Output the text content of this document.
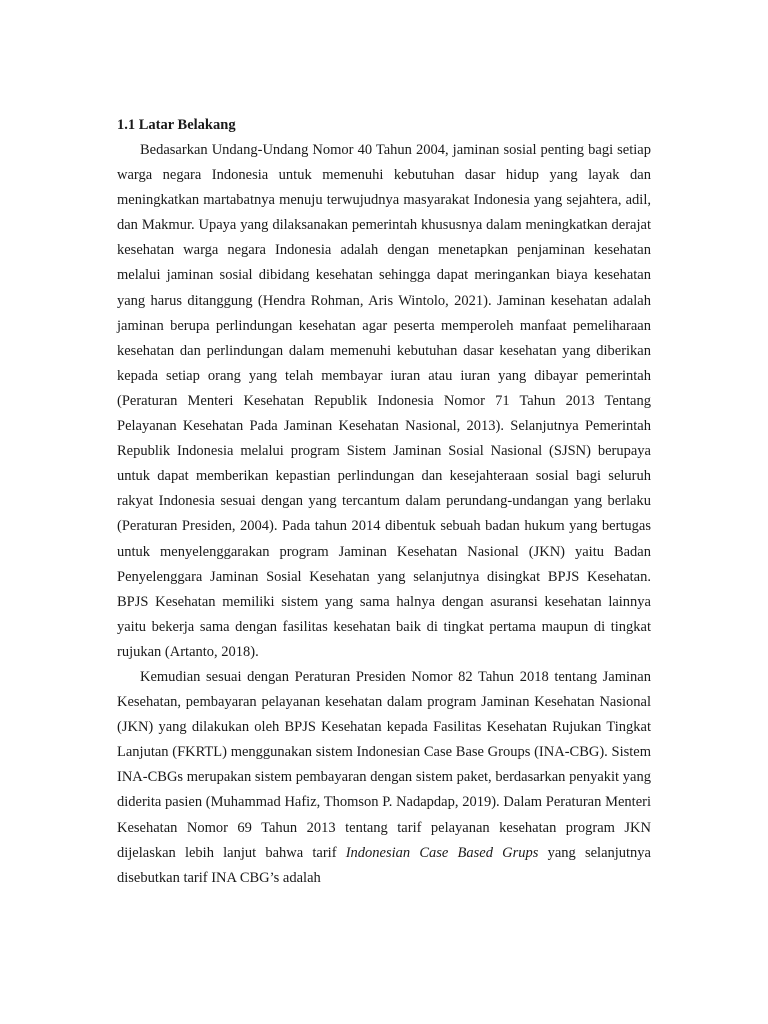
1.1 Latar Belakang

Bedasarkan Undang-Undang Nomor 40 Tahun 2004, jaminan sosial penting bagi setiap warga negara Indonesia untuk memenuhi kebutuhan dasar hidup yang layak dan meningkatkan martabatnya menuju terwujudnya masyarakat Indonesia yang sejahtera, adil, dan Makmur. Upaya yang dilaksanakan pemerintah khususnya dalam meningkatkan derajat kesehatan warga negara Indonesia adalah dengan menetapkan penjaminan kesehatan melalui jaminan sosial dibidang kesehatan sehingga dapat meringankan biaya kesehatan yang harus ditanggung (Hendra Rohman, Aris Wintolo, 2021). Jaminan kesehatan adalah jaminan berupa perlindungan kesehatan agar peserta memperoleh manfaat pemeliharaan kesehatan dan perlindungan dalam memenuhi kebutuhan dasar kesehatan yang diberikan kepada setiap orang yang telah membayar iuran atau iuran yang dibayar pemerintah (Peraturan Menteri Kesehatan Republik Indonesia Nomor 71 Tahun 2013 Tentang Pelayanan Kesehatan Pada Jaminan Kesehatan Nasional, 2013). Selanjutnya Pemerintah Republik Indonesia melalui program Sistem Jaminan Sosial Nasional (SJSN) berupaya untuk dapat memberikan kepastian perlindungan dan kesejahteraan sosial bagi seluruh rakyat Indonesia sesuai dengan yang tercantum dalam perundang-undangan yang berlaku (Peraturan Presiden, 2004). Pada tahun 2014 dibentuk sebuah badan hukum yang bertugas untuk menyelenggarakan program Jaminan Kesehatan Nasional (JKN) yaitu Badan Penyelenggara Jaminan Sosial Kesehatan yang selanjutnya disingkat BPJS Kesehatan. BPJS Kesehatan memiliki sistem yang sama halnya dengan asuransi kesehatan lainnya yaitu bekerja sama dengan fasilitas kesehatan baik di tingkat pertama maupun di tingkat rujukan (Artanto, 2018).

Kemudian sesuai dengan Peraturan Presiden Nomor 82 Tahun 2018 tentang Jaminan Kesehatan, pembayaran pelayanan kesehatan dalam program Jaminan Kesehatan Nasional (JKN) yang dilakukan oleh BPJS Kesehatan kepada Fasilitas Kesehatan Rujukan Tingkat Lanjutan (FKRTL) menggunakan sistem Indonesian Case Base Groups (INA-CBG). Sistem INA-CBGs merupakan sistem pembayaran dengan sistem paket, berdasarkan penyakit yang diderita pasien (Muhammad Hafiz, Thomson P. Nadapdap, 2019). Dalam Peraturan Menteri Kesehatan Nomor 69 Tahun 2013 tentang tarif pelayanan kesehatan program JKN dijelaskan lebih lanjut bahwa tarif Indonesian Case Based Grups yang selanjutnya disebutkan tarif INA CBG’s adalah
